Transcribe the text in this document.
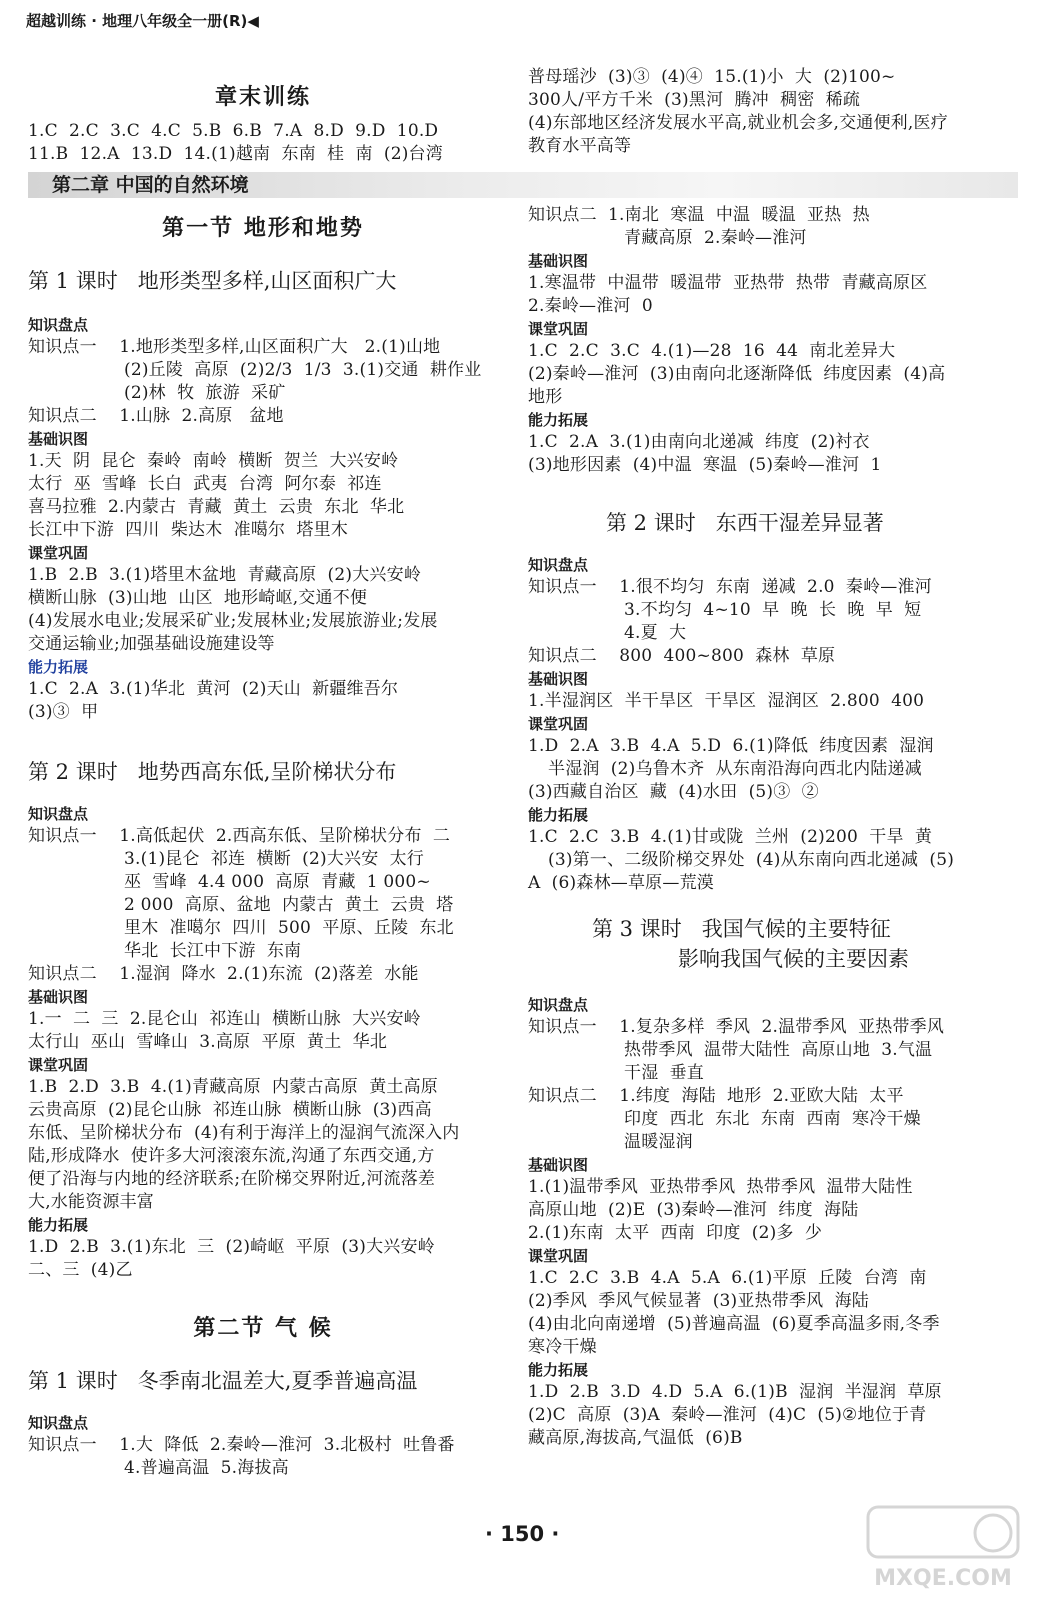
超越训练 · 地理八年级全一册(R)◀
第二章 中国的自然环境
章末训练
1.C  2.C  3.C  4.C  5.B  6.B  7.A  8.D  9.D  10.D
11.B  12.A  13.D  14.(1)越南  东南  桂  南  (2)台湾
第一节 地形和地势
第 1 课时   地形类型多样,山区面积广大
知识盘点
知识点一    1.地形类型多样,山区面积广大   2.(1)山地
(2)丘陵  高原  (2)2/3  1/3  3.(1)交通  耕作业
(2)林  牧  旅游  采矿
知识点二    1.山脉  2.高原   盆地
基础识图
1.天  阴  昆仑  秦岭  南岭  横断  贺兰  大兴安岭
太行  巫  雪峰  长白  武夷  台湾  阿尔泰  祁连
喜马拉雅  2.内蒙古  青藏  黄土  云贵  东北  华北
长江中下游  四川  柴达木  准噶尔  塔里木
课堂巩固
1.B  2.B  3.(1)塔里木盆地  青藏高原  (2)大兴安岭
横断山脉  (3)山地  山区  地形崎岖,交通不便
(4)发展水电业;发展采矿业;发展林业;发展旅游业;发展
交通运输业;加强基础设施建设等
能力拓展
1.C  2.A  3.(1)华北  黄河  (2)天山  新疆维吾尔
(3)③  甲
第 2 课时   地势西高东低,呈阶梯状分布
知识盘点
知识点一    1.高低起伏  2.西高东低、呈阶梯状分布  二
3.(1)昆仑  祁连  横断  (2)大兴安  太行
巫  雪峰  4.4 000  高原  青藏  1 000~
2 000  高原、盆地  内蒙古  黄土  云贵  塔
里木  准噶尔  四川  500  平原、丘陵  东北
华北  长江中下游  东南
知识点二    1.湿润  降水  2.(1)东流  (2)落差  水能
基础识图
1.一  二  三  2.昆仑山  祁连山  横断山脉  大兴安岭
太行山  巫山  雪峰山  3.高原  平原  黄土  华北
课堂巩固
1.B  2.D  3.B  4.(1)青藏高原  内蒙古高原  黄土高原
云贵高原  (2)昆仑山脉  祁连山脉  横断山脉  (3)西高
东低、呈阶梯状分布  (4)有利于海洋上的湿润气流深入内
陆,形成降水  使许多大河滚滚东流,沟通了东西交通,方
便了沿海与内地的经济联系;在阶梯交界附近,河流落差
大,水能资源丰富
能力拓展
1.D  2.B  3.(1)东北  三  (2)崎岖  平原  (3)大兴安岭
二、三  (4)乙
第二节 气 候
第 1 课时   冬季南北温差大,夏季普遍高温
知识盘点
知识点一    1.大  降低  2.秦岭—淮河  3.北极村  吐鲁番
4.普遍高温  5.海拔高
普母瑶沙  (3)③  (4)④  15.(1)小  大  (2)100~
300人/平方千米  (3)黑河  腾冲  稠密  稀疏
(4)东部地区经济发展水平高,就业机会多,交通便利,医疗
教育水平高等
知识点二  1.南北  寒温  中温  暖温  亚热  热
青藏高原  2.秦岭—淮河
基础识图
1.寒温带  中温带  暖温带  亚热带  热带  青藏高原区
2.秦岭—淮河  0
课堂巩固
1.C  2.C  3.C  4.(1)—28  16  44  南北差异大
(2)秦岭—淮河  (3)由南向北逐渐降低  纬度因素  (4)高
地形
能力拓展
1.C  2.A  3.(1)由南向北递减  纬度  (2)衬衣
(3)地形因素  (4)中温  寒温  (5)秦岭—淮河  1
第 2 课时   东西干湿差异显著
知识盘点
知识点一    1.很不均匀  东南  递减  2.0  秦岭—淮河
3.不均匀  4~10  早  晚  长  晚  早  短
4.夏  大
知识点二    800  400~800  森林  草原
基础识图
1.半湿润区  半干旱区  干旱区  湿润区  2.800  400
课堂巩固
1.D  2.A  3.B  4.A  5.D  6.(1)降低  纬度因素  湿润
半湿润  (2)乌鲁木齐  从东南沿海向西北内陆递减
(3)西藏自治区  藏  (4)水田  (5)③  ②
能力拓展
1.C  2.C  3.B  4.(1)甘或陇  兰州  (2)200  干旱  黄
(3)第一、二级阶梯交界处  (4)从东南向西北递减  (5)
A  (6)森林—草原—荒漠
第 3 课时   我国气候的主要特征
影响我国气候的主要因素
知识盘点
知识点一    1.复杂多样  季风  2.温带季风  亚热带季风
热带季风  温带大陆性  高原山地  3.气温
干湿  垂直
知识点二    1.纬度  海陆  地形  2.亚欧大陆  太平
印度  西北  东北  东南  西南  寒冷干燥
温暖湿润
基础识图
1.(1)温带季风  亚热带季风  热带季风  温带大陆性
高原山地  (2)E  (3)秦岭—淮河  纬度  海陆
2.(1)东南  太平  西南  印度  (2)多  少
课堂巩固
1.C  2.C  3.B  4.A  5.A  6.(1)平原  丘陵  台湾  南
(2)季风  季风气候显著  (3)亚热带季风  海陆
(4)由北向南递增  (5)普遍高温  (6)夏季高温多雨,冬季
寒冷干燥
能力拓展
1.D  2.B  3.D  4.D  5.A  6.(1)B  湿润  半湿润  草原
(2)C  高原  (3)A  秦岭—淮河  (4)C  (5)②地位于青
藏高原,海拔高,气温低  (6)B
· 150 ·
MXQE.COM
